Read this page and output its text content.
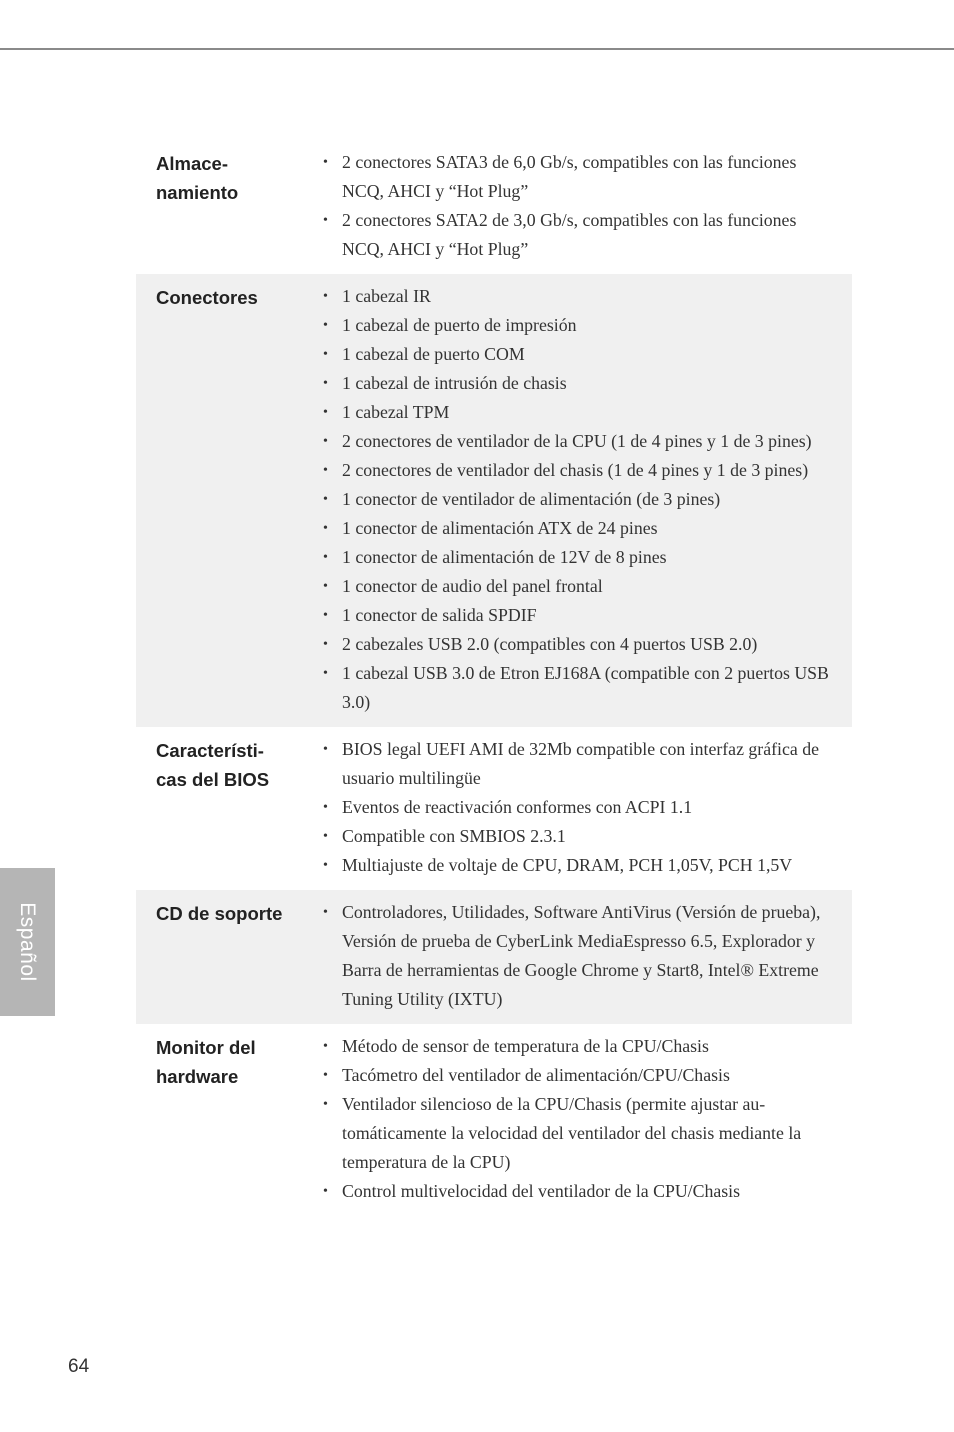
Almace-
namiento
• 2 conectores SATA3 de 6,0 Gb/s, compatibles con las funciones NCQ, AHCI y “Hot Plug”
• 2 conectores SATA2 de 3,0 Gb/s, compatibles con las funciones NCQ, AHCI y “Hot Plug”
Conectores	• 1 cabezal IR
• 1 cabezal de puerto de impresión
• 1 cabezal de puerto COM
• 1 cabezal de intrusión de chasis
• 1 cabezal TPM
• 2 conectores de ventilador de la CPU (1 de 4 pines y 1 de 3 pines)
• 2 conectores de ventilador del chasis (1 de 4 pines y 1 de 3 pines)
• 1 conector de ventilador de alimentación (de 3 pines)
• 1 conector de alimentación ATX de 24 pines
• 1 conector de alimentación de 12V de 8 pines
• 1 conector de audio del panel frontal
• 1 conector de salida SPDIF
• 2 cabezales USB 2.0 (compatibles con 4 puertos USB 2.0)
• 1 cabezal USB 3.0 de Etron EJ168A (compatible con 2 puertos USB 3.0)
Característi-
cas del BIOS
• BIOS legal UEFI AMI de 32Mb compatible con interfaz gráfica de usuario multilingüe
• Eventos de reactivación conformes con ACPI 1.1
• Compatible con SMBIOS 2.3.1
• Multiajuste de voltaje de CPU, DRAM, PCH 1,05V, PCH 1,5V
CD de soporte	• Controladores, Utilidades, Software AntiVirus (Versión de prueba), Versión de prueba de CyberLink MediaEspresso 6.5, Explorador y Barra de herramientas de Google Chrome y Start8, Intel® Extreme Tuning Utility (IXTU)
Monitor del
hardware
• Método de sensor de temperatura de la CPU/Chasis
• Tacómetro del ventilador de alimentación/CPU/Chasis
• Ventilador silencioso de la CPU/Chasis (permite ajustar automáticamente la velocidad del ventilador del chasis mediante la temperatura de la CPU)
• Control multivelocidad del ventilador de la CPU/Chasis
Español
64
